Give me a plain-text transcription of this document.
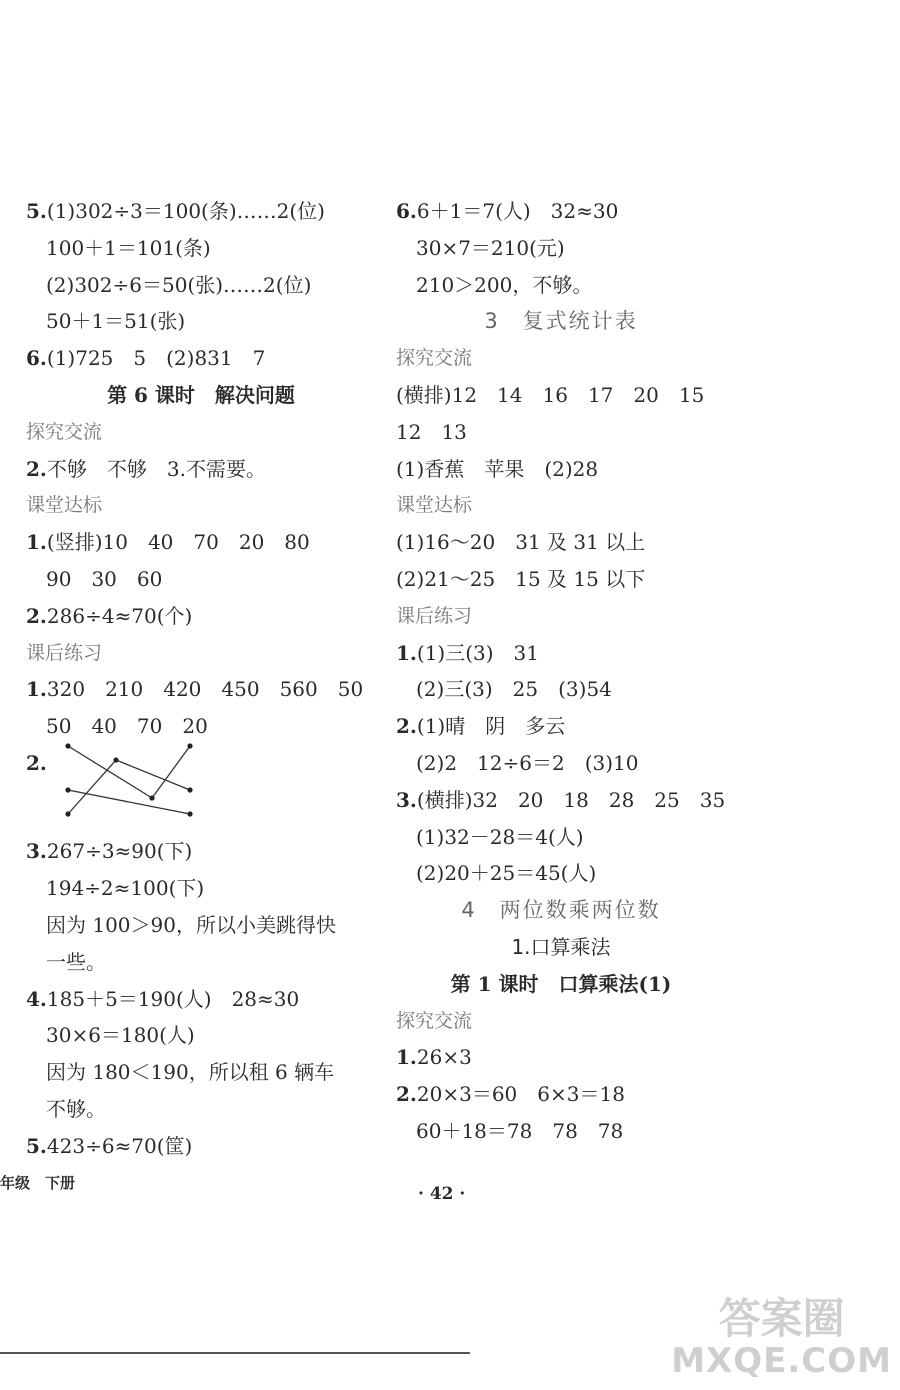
5.(1)302÷3＝100(条)……2(位)
100＋1＝101(条)
(2)302÷6＝50(张)……2(位)
50＋1＝51(张)
6.(1)725　5　(2)831　7
第 6 课时　解决问题
探究交流
2.不够　不够　3.不需要。
课堂达标
1.(竖排)10　40　70　20　80
90　30　60
2.286÷4≈70(个)
课后练习
1.320　210　420　450　560　50
50　40　70　20
2.
3.267÷3≈90(下)
194÷2≈100(下)
因为 100＞90，所以小美跳得快
一些。
4.185＋5＝190(人)　28≈30
30×6＝180(人)
因为 180＜190，所以租 6 辆车
不够。
5.423÷6≈70(筐)
6.6＋1＝7(人)　32≈30
30×7＝210(元)
210＞200，不够。
3　复式统计表
探究交流
(横排)12　14　16　17　20　15
12　13
(1)香蕉　苹果　(2)28
课堂达标
(1)16～20　31 及 31 以上
(2)21～25　15 及 15 以下
课后练习
1.(1)三(3)　31
(2)三(3)　25　(3)54
2.(1)晴　阴　多云
(2)2　12÷6＝2　(3)10
3.(横排)32　20　18　28　25　35
(1)32－28＝4(人)
(2)20＋25＝45(人)
4　两位数乘两位数
1.口算乘法
第 1 课时　口算乘法(1)
探究交流
1.26×3
2.20×3＝60　6×3＝18
60＋18＝78　78　78
年级　下册
· 42 ·
答案圈
MXQE.COM
